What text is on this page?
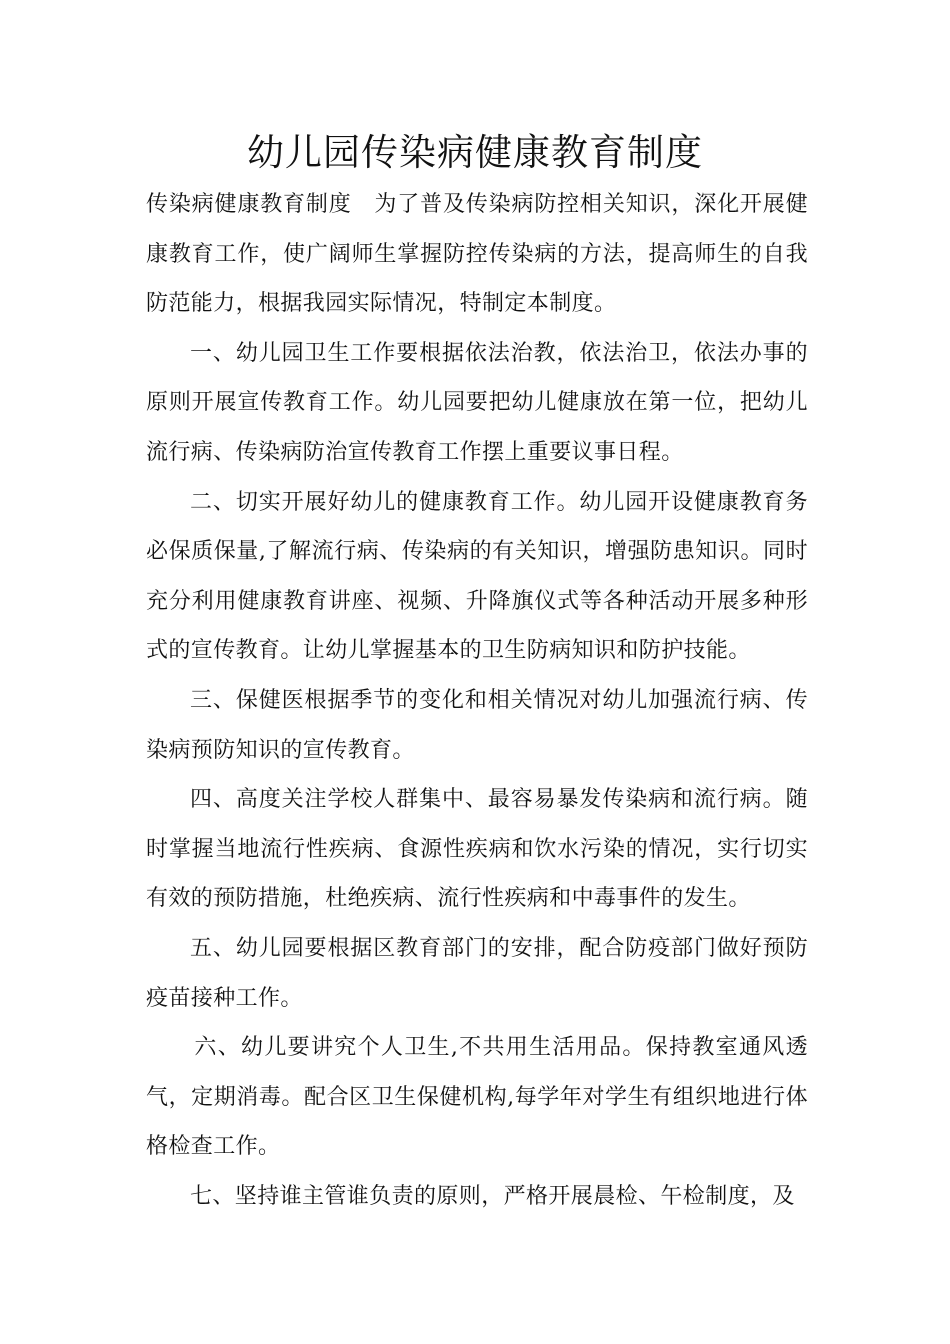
幼儿园传染病健康教育制度

传染病健康教育制度　为了普及传染病防控相关知识，深化开展健康教育工作，使广阔师生掌握防控传染病的方法，提高师生的自我防范能力，根据我园实际情况，特制定本制度。

一、幼儿园卫生工作要根据依法治教，依法治卫，依法办事的原则开展宣传教育工作。幼儿园要把幼儿健康放在第一位，把幼儿流行病、传染病防治宣传教育工作摆上重要议事日程。

二、切实开展好幼儿的健康教育工作。幼儿园开设健康教育务必保质保量,了解流行病、传染病的有关知识，增强防患知识。同时充分利用健康教育讲座、视频、升降旗仪式等各种活动开展多种形式的宣传教育。让幼儿掌握基本的卫生防病知识和防护技能。

三、保健医根据季节的变化和相关情况对幼儿加强流行病、传染病预防知识的宣传教育。

四、高度关注学校人群集中、最容易暴发传染病和流行病。随时掌握当地流行性疾病、食源性疾病和饮水污染的情况，实行切实有效的预防措施，杜绝疾病、流行性疾病和中毒事件的发生。

五、幼儿园要根据区教育部门的安排，配合防疫部门做好预防疫苗接种工作。

六、幼儿要讲究个人卫生,不共用生活用品。保持教室通风透气，定期消毒。配合区卫生保健机构,每学年对学生有组织地进行体格检查工作。

七、坚持谁主管谁负责的原则，严格开展晨检、午检制度，及
